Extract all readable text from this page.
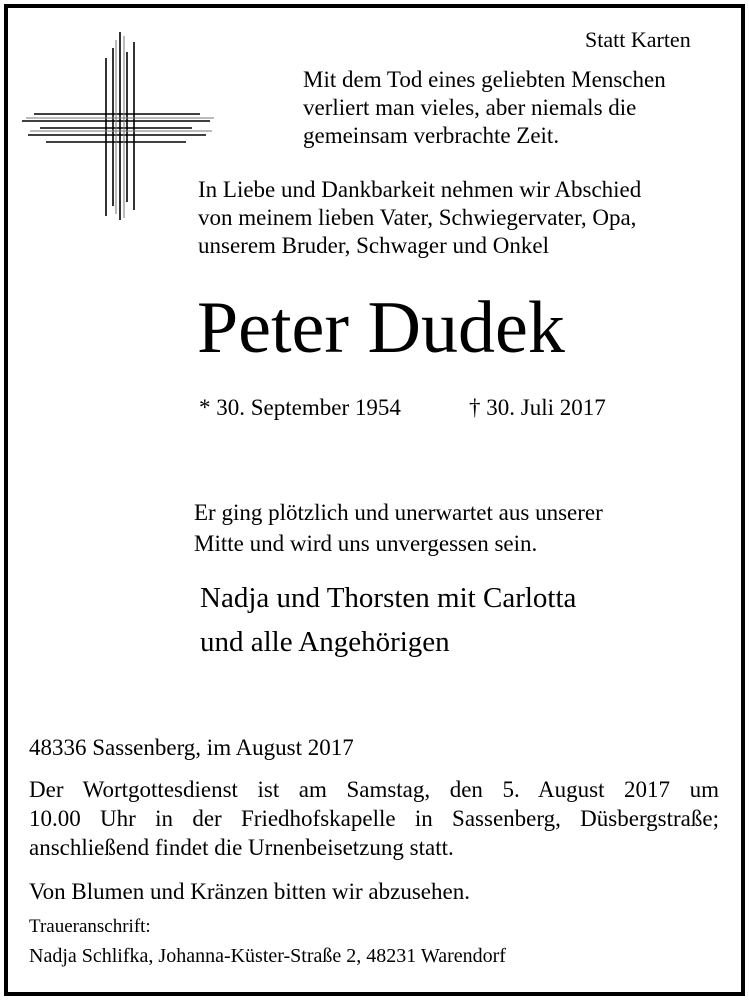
Statt Karten
Mit dem Tod eines geliebten Menschen
verliert man vieles, aber niemals die
gemeinsam verbrachte Zeit.
In Liebe und Dankbarkeit nehmen wir Abschied
von meinem lieben Vater, Schwiegervater, Opa,
unserem Bruder, Schwager und Onkel
Peter Dudek
* 30. September 1954	† 30. Juli 2017
Er ging plötzlich und unerwartet aus unserer
Mitte und wird uns unvergessen sein.
Nadja und Thorsten mit Carlotta
und alle Angehörigen
48336 Sassenberg, im August 2017
Der Wortgottesdienst ist am Samstag, den 5. August 2017 um
10.00 Uhr in der Friedhofskapelle in Sassenberg, Düsbergstraße;
anschließend findet die Urnenbeisetzung statt.
Von Blumen und Kränzen bitten wir abzusehen.
Traueranschrift:
Nadja Schlifka, Johanna-Küster-Straße 2, 48231 Warendorf
